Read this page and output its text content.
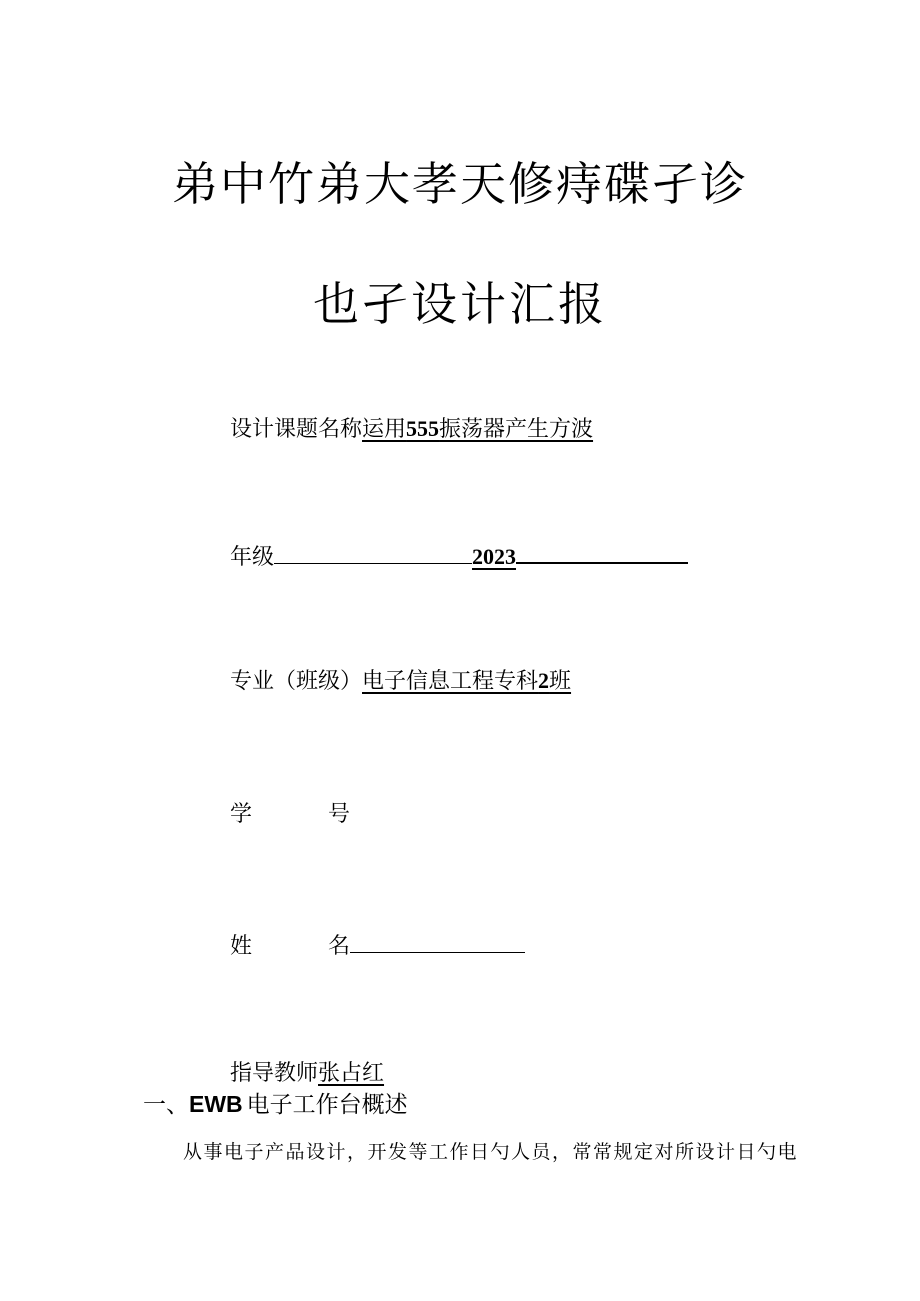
弟中竹弟大孝天修痔碟孑诊
也孑设计汇报
设计课题名称运用555振荡器产生方波
年级	2023
专业（班级）电子信息工程专科2班
学	号
姓	名
指导教师张占红
一、EWB 电子工作台概述
从事电子产品设计，开发等工作日勺人员，常常规定对所设计日勺电
